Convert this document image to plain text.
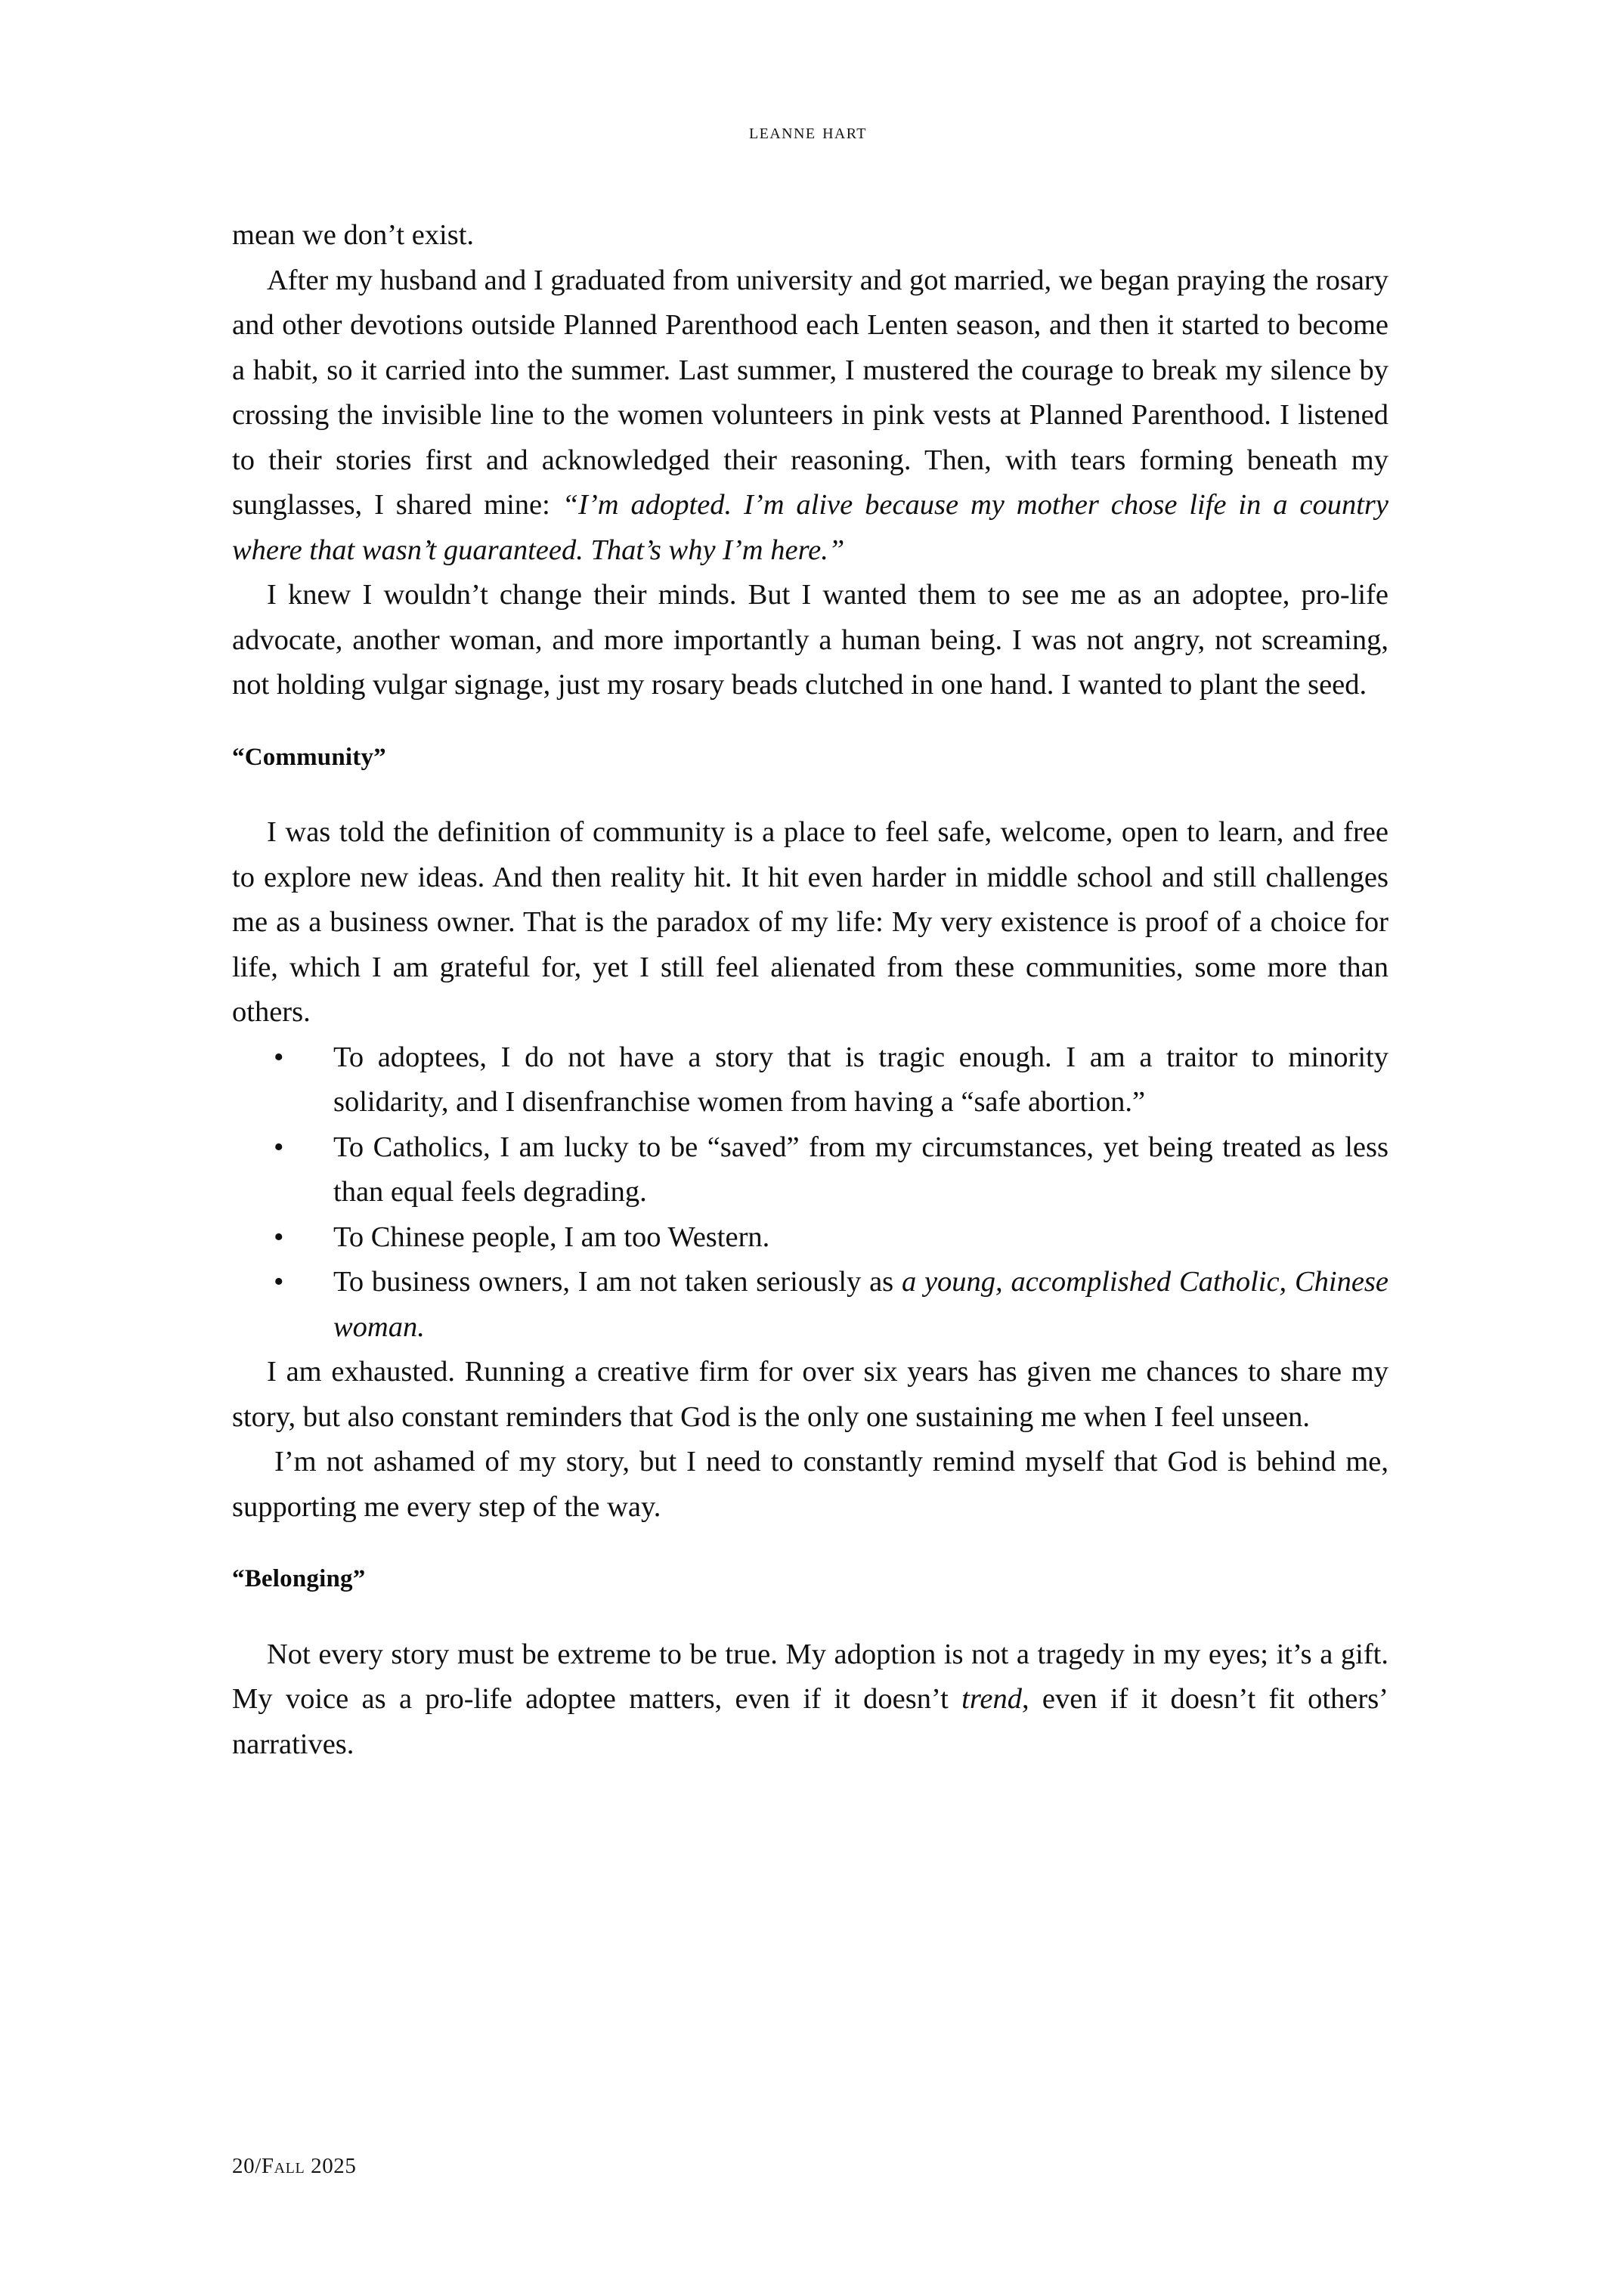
leanne hart

mean we don’t exist.

After my husband and I graduated from university and got married, we began praying the rosary and other devotions outside Planned Parenthood each Lenten season, and then it started to become a habit, so it carried into the summer. Last summer, I mustered the courage to break my silence by crossing the invisible line to the women volunteers in pink vests at Planned Parenthood. I listened to their stories first and acknowledged their reasoning. Then, with tears forming beneath my sunglasses, I shared mine: “I’m adopted. I’m alive because my mother chose life in a country where that wasn’t guaranteed. That’s why I’m here.”

I knew I wouldn’t change their minds. But I wanted them to see me as an adoptee, pro-life advocate, another woman, and more importantly a human being. I was not angry, not screaming, not holding vulgar signage, just my rosary beads clutched in one hand. I wanted to plant the seed.

“Community”

I was told the definition of community is a place to feel safe, welcome, open to learn, and free to explore new ideas. And then reality hit. It hit even harder in middle school and still challenges me as a business owner. That is the paradox of my life: My very existence is proof of a choice for life, which I am grateful for, yet I still feel alienated from these communities, some more than others.

• To adoptees, I do not have a story that is tragic enough. I am a traitor to minority solidarity, and I disenfranchise women from having a “safe abortion.”
• To Catholics, I am lucky to be “saved” from my circumstances, yet being treated as less than equal feels degrading.
• To Chinese people, I am too Western.
• To business owners, I am not taken seriously as a young, accomplished Catholic, Chinese woman.

I am exhausted. Running a creative firm for over six years has given me chances to share my story, but also constant reminders that God is the only one sustaining me when I feel unseen.

I’m not ashamed of my story, but I need to constantly remind myself that God is behind me, supporting me every step of the way.

“Belonging”

Not every story must be extreme to be true. My adoption is not a tragedy in my eyes; it’s a gift. My voice as a pro-life adoptee matters, even if it doesn’t trend, even if it doesn’t fit others’ narratives.

20/Fall 2025
